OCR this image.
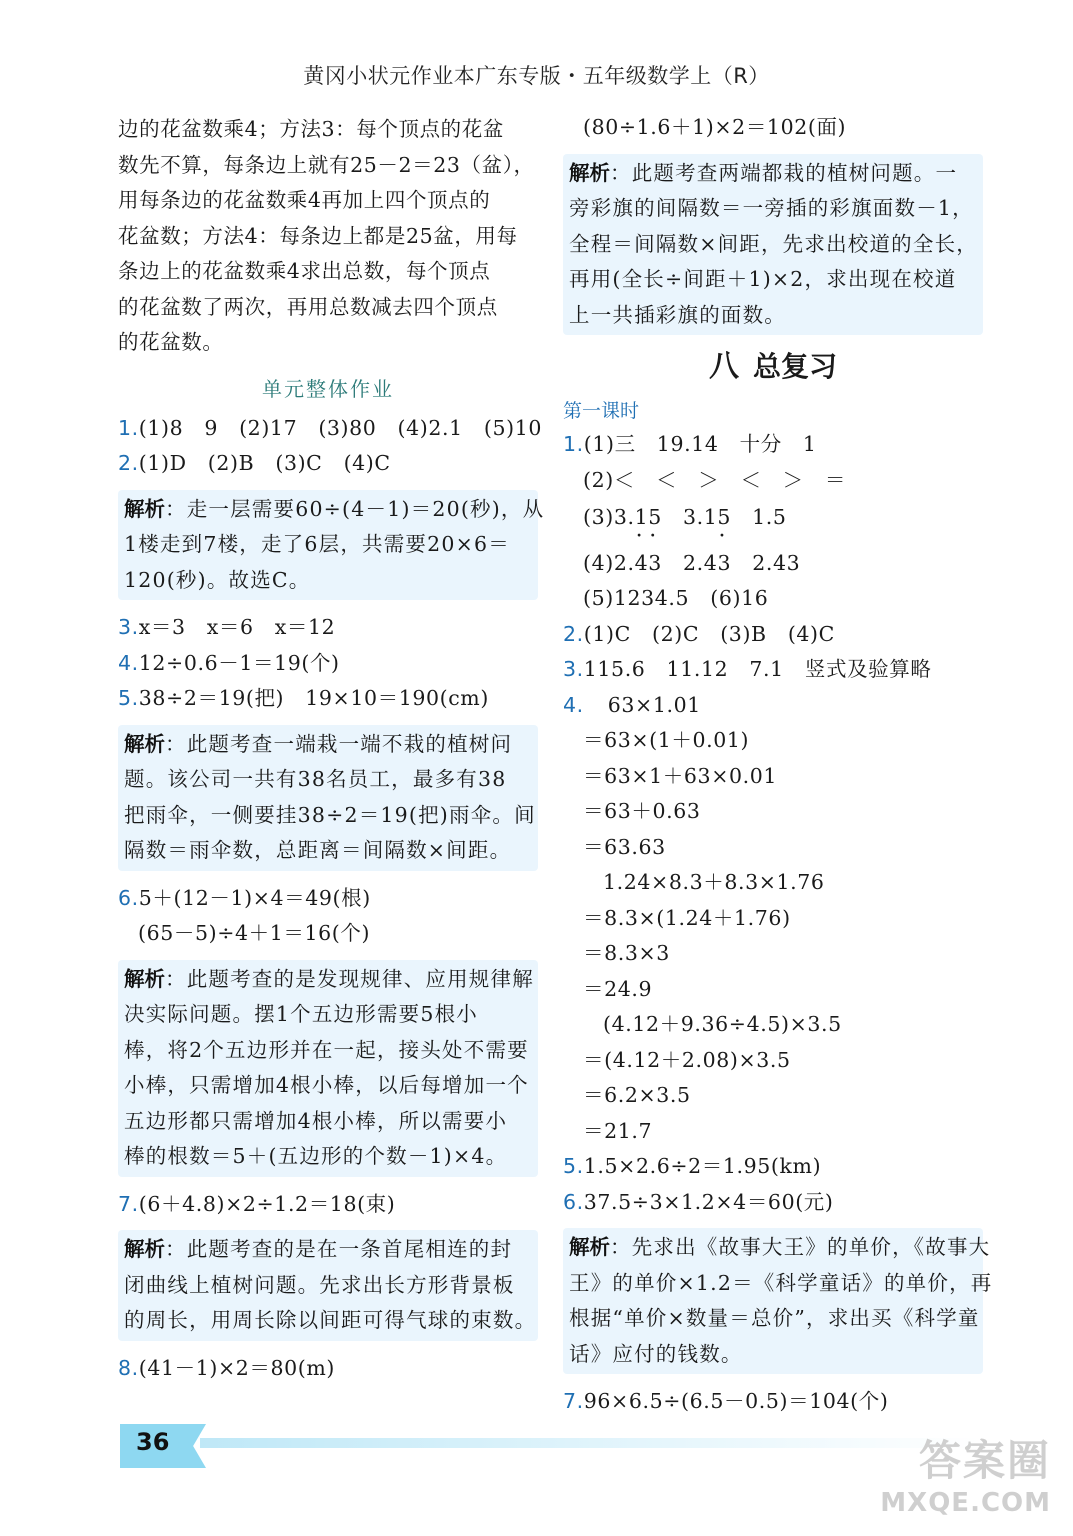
黄冈小状元作业本广东专版・五年级数学上（R）
边的花盆数乘4；方法3：每个顶点的花盆
数先不算，每条边上就有25－2＝23（盆），
用每条边的花盆数乘4再加上四个顶点的
花盆数；方法4：每条边上都是25盆，用每
条边上的花盆数乘4求出总数，每个顶点
的花盆数了两次，再用总数减去四个顶点
的花盆数。
单元整体作业
1.(1)8　9　(2)17　(3)80　(4)2.1　(5)10
2.(1)D　(2)B　(3)C　(4)C
解析：走一层需要60÷(4－1)＝20(秒)，从
1楼走到7楼，走了6层，共需要20×6＝
120(秒)。故选C。
3.x＝3　x＝6　x＝12
4.12÷0.6－1＝19(个)
5.38÷2＝19(把)　19×10＝190(cm)
解析：此题考查一端栽一端不栽的植树问
题。该公司一共有38名员工，最多有38
把雨伞，一侧要挂38÷2＝19(把)雨伞。间
隔数＝雨伞数，总距离＝间隔数×间距。
6.5＋(12－1)×4＝49(根)
(65－5)÷4＋1＝16(个)
解析：此题考查的是发现规律、应用规律解
决实际问题。摆1个五边形需要5根小
棒，将2个五边形并在一起，接头处不需要
小棒，只需增加4根小棒，以后每增加一个
五边形都只需增加4根小棒，所以需要小
棒的根数＝5＋(五边形的个数－1)×4。
7.(6＋4.8)×2÷1.2＝18(束)
解析：此题考查的是在一条首尾相连的封
闭曲线上植树问题。先求出长方形背景板
的周长，用周长除以间距可得气球的束数。
8.(41－1)×2＝80(m)
(80÷1.6＋1)×2＝102(面)
解析：此题考查两端都栽的植树问题。一
旁彩旗的间隔数＝一旁插的彩旗面数－1，
全程＝间隔数×间距，先求出校道的全长，
再用(全长÷间距＋1)×2，求出现在校道
上一共插彩旗的面数。
八 总复习
第一课时
1.(1)三　19.14　十分　1
(2)＜　＜　＞　＜　＞　＝
(3)3.15　3.15　1.5
(4)2.· 4· 3　2.4· 3　2.43
(5)1234.5　(6)16
2.(1)C　(2)C　(3)B　(4)C
3.115.6　11.12　7.1　竖式及验算略
4. 63×1.01
＝63×(1＋0.01)
＝63×1＋63×0.01
＝63＋0.63
＝63.63
1.24×8.3＋8.3×1.76
＝8.3×(1.24＋1.76)
＝8.3×3
＝24.9
(4.12＋9.36÷4.5)×3.5
＝(4.12＋2.08)×3.5
＝6.2×3.5
＝21.7
5.1.5×2.6÷2＝1.95(km)
6.37.5÷3×1.2×4＝60(元)
解析：先求出《故事大王》的单价，《故事大
王》的单价×1.2＝《科学童话》的单价，再
根据“单价×数量＝总价”，求出买《科学童
话》应付的钱数。
7.96×6.5÷(6.5－0.5)＝104(个)
36	答案圈
MXQE.COM
